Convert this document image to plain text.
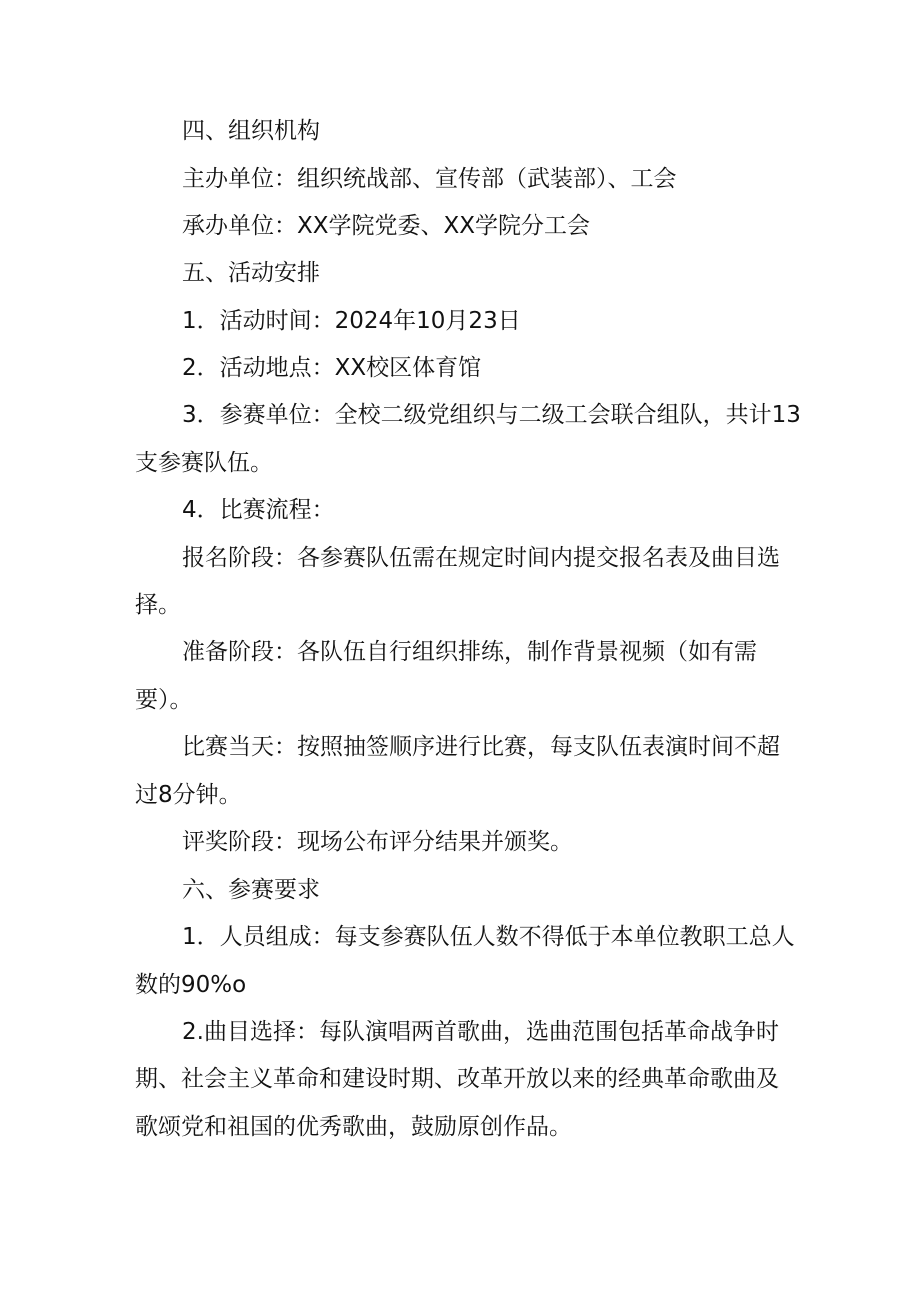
四、组织机构
主办单位：组织统战部、宣传部（武装部）、工会
承办单位：XX学院党委、XX学院分工会
五、活动安排
1．活动时间：2024年10月23日
2．活动地点：XX校区体育馆
3．参赛单位：全校二级党组织与二级工会联合组队，共计13
支参赛队伍。
4．比赛流程：
报名阶段：各参赛队伍需在规定时间内提交报名表及曲目选
择。
准备阶段：各队伍自行组织排练，制作背景视频（如有需
要）。
比赛当天：按照抽签顺序进行比赛，每支队伍表演时间不超
过8分钟。
评奖阶段：现场公布评分结果并颁奖。
六、参赛要求
1．人员组成：每支参赛队伍人数不得低于本单位教职工总人
数的90%o
2.曲目选择：每队演唱两首歌曲，选曲范围包括革命战争时
期、社会主义革命和建设时期、改革开放以来的经典革命歌曲及
歌颂党和祖国的优秀歌曲，鼓励原创作品。
